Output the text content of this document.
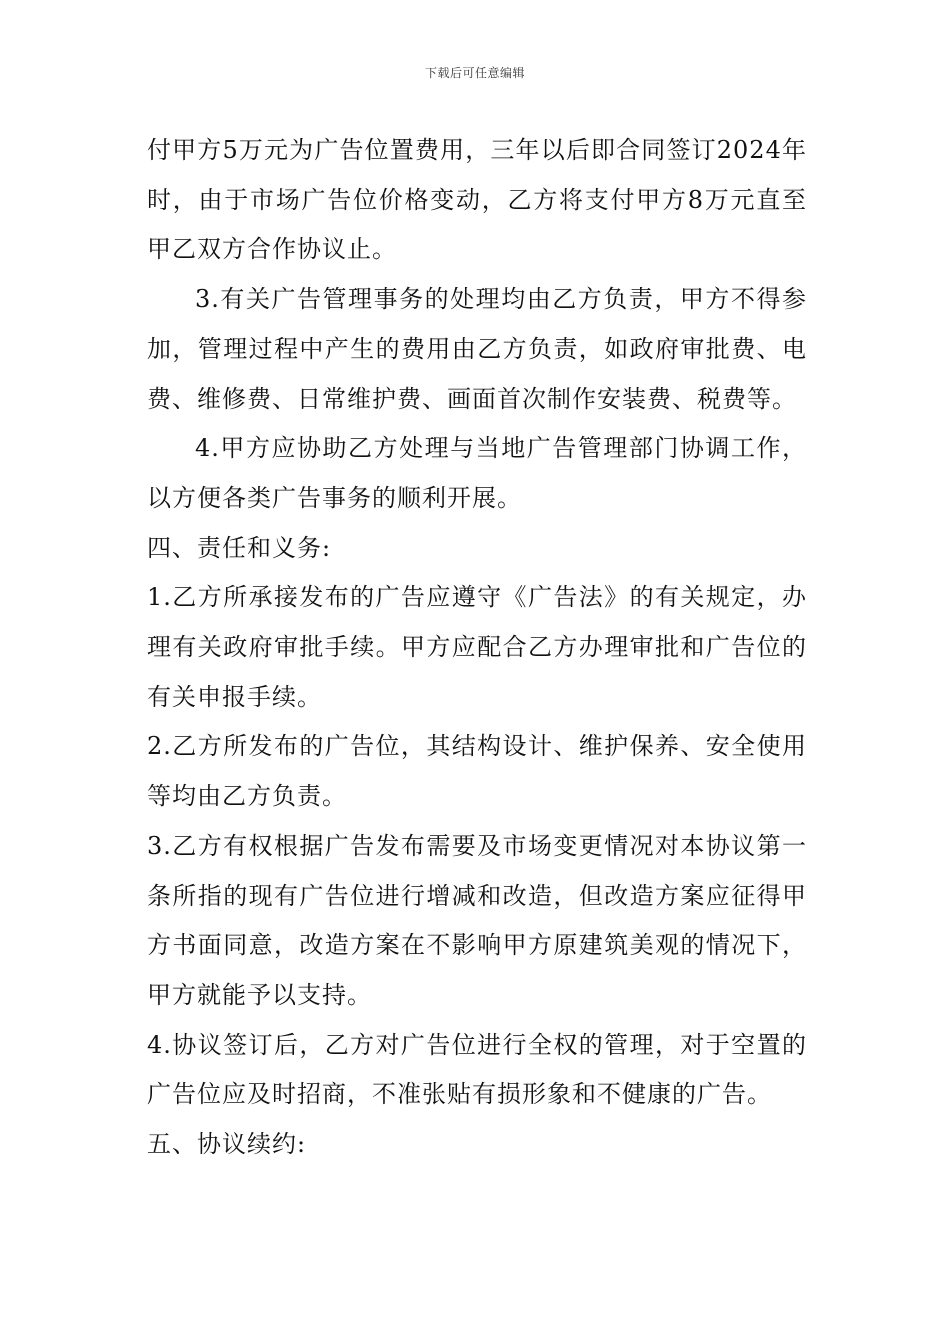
下载后可任意编辑

付甲方5万元为广告位置费用，三年以后即合同签订2024年时，由于市场广告位价格变动，乙方将支付甲方8万元直至甲乙双方合作协议止。

3.有关广告管理事务的处理均由乙方负责，甲方不得参加，管理过程中产生的费用由乙方负责，如政府审批费、电费、维修费、日常维护费、画面首次制作安装费、税费等。

4.甲方应协助乙方处理与当地广告管理部门协调工作，以方便各类广告事务的顺利开展。

四、责任和义务:

1.乙方所承接发布的广告应遵守《广告法》的有关规定，办理有关政府审批手续。甲方应配合乙方办理审批和广告位的有关申报手续。

2.乙方所发布的广告位，其结构设计、维护保养、安全使用等均由乙方负责。

3.乙方有权根据广告发布需要及市场变更情况对本协议第一条所指的现有广告位进行增减和改造，但改造方案应征得甲方书面同意，改造方案在不影响甲方原建筑美观的情况下，甲方就能予以支持。

4.协议签订后，乙方对广告位进行全权的管理，对于空置的广告位应及时招商，不准张贴有损形象和不健康的广告。

五、协议续约:
